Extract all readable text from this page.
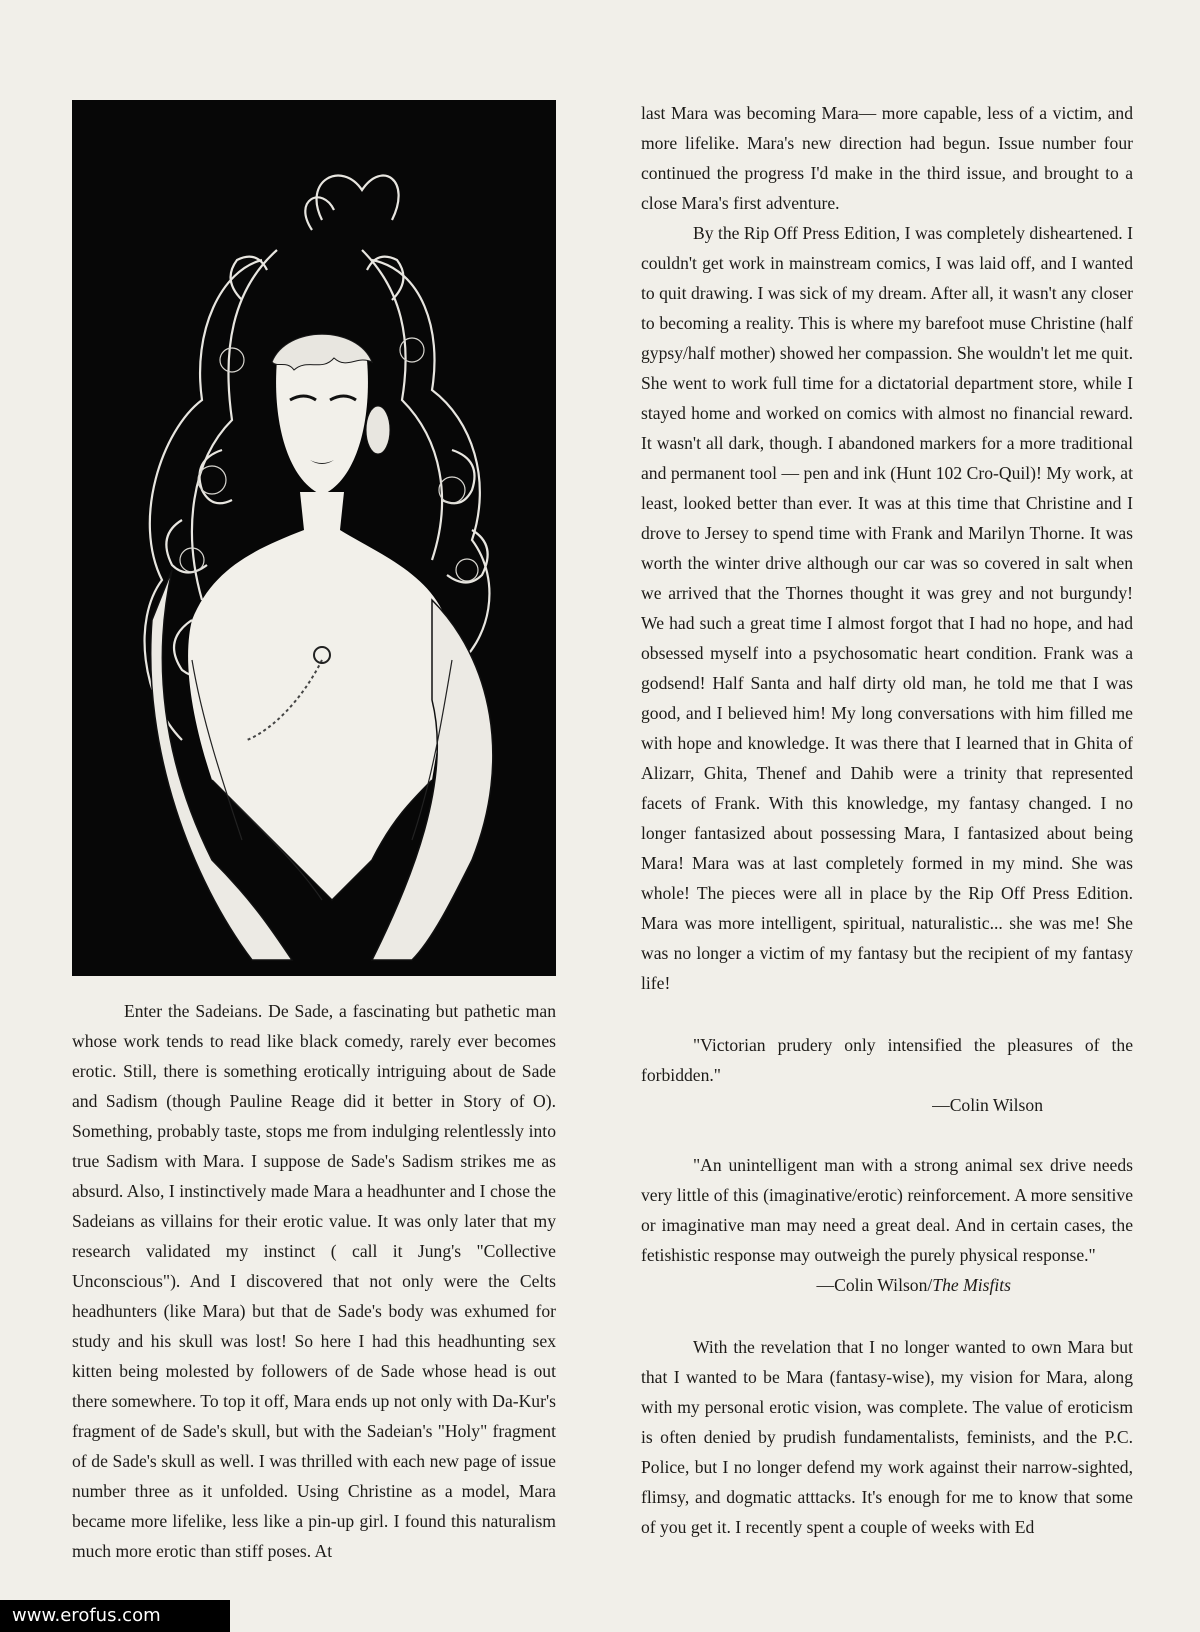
Enter the Sadeians. De Sade, a fascinating but pathetic man whose work tends to read like black comedy, rarely ever becomes erotic. Still, there is something erotically intriguing about de Sade and Sadism (though Pauline Reage did it better in Story of O). Something, probably taste, stops me from indulging relentlessly into true Sadism with Mara. I suppose de Sade's Sadism strikes me as absurd. Also, I instinctively made Mara a headhunter and I chose the Sadeians as villains for their erotic value. It was only later that my research validated my instinct ( call it Jung's "Collective Unconscious"). And I discovered that not only were the Celts headhunters (like Mara) but that de Sade's body was exhumed for study and his skull was lost! So here I had this headhunting sex kitten being molested by followers of de Sade whose head is out there somewhere. To top it off, Mara ends up not only with Da-Kur's fragment of de Sade's skull, but with the Sadeian's "Holy" fragment of de Sade's skull as well. I was thrilled with each new page of issue number three as it unfolded. Using Christine as a model, Mara became more lifelike, less like a pin-up girl. I found this naturalism much more erotic than stiff poses. At

last Mara was becoming Mara— more capable, less of a victim, and more lifelike. Mara's new direction had begun. Issue number four continued the progress I'd make in the third issue, and brought to a close Mara's first adventure.

By the Rip Off Press Edition, I was completely disheartened. I couldn't get work in mainstream comics, I was laid off, and I wanted to quit drawing. I was sick of my dream. After all, it wasn't any closer to becoming a reality. This is where my barefoot muse Christine (half gypsy/half mother) showed her compassion. She wouldn't let me quit. She went to work full time for a dictatorial department store, while I stayed home and worked on comics with almost no financial reward. It wasn't all dark, though. I abandoned markers for a more traditional and permanent tool — pen and ink (Hunt 102 Cro-Quil)! My work, at least, looked better than ever. It was at this time that Christine and I drove to Jersey to spend time with Frank and Marilyn Thorne. It was worth the winter drive although our car was so covered in salt when we arrived that the Thornes thought it was grey and not burgundy! We had such a great time I almost forgot that I had no hope, and had obsessed myself into a psychosomatic heart condition. Frank was a godsend! Half Santa and half dirty old man, he told me that I was good, and I believed him! My long conversations with him filled me with hope and knowledge. It was there that I learned that in Ghita of Alizarr, Ghita, Thenef and Dahib were a trinity that represented facets of Frank. With this knowledge, my fantasy changed. I no longer fantasized about possessing Mara, I fantasized about being Mara! Mara was at last completely formed in my mind. She was whole! The pieces were all in place by the Rip Off Press Edition. Mara was more intelligent, spiritual, naturalistic... she was me! She was no longer a victim of my fantasy but the recipient of my fantasy life!

"Victorian prudery only intensified the pleasures of the forbidden."

—Colin Wilson

"An unintelligent man with a strong animal sex drive needs very little of this (imaginative/erotic) reinforcement. A more sensitive or imaginative man may need a great deal. And in certain cases, the fetishistic response may outweigh the purely physical response."

—Colin Wilson/The Misfits

With the revelation that I no longer wanted to own Mara but that I wanted to be Mara (fantasy-wise), my vision for Mara, along with my personal erotic vision, was complete. The value of eroticism is often denied by prudish fundamentalists, feminists, and the P.C. Police, but I no longer defend my work against their narrow-sighted, flimsy, and dogmatic atttacks. It's enough for me to know that some of you get it. I recently spent a couple of weeks with Ed

www.erofus.com
